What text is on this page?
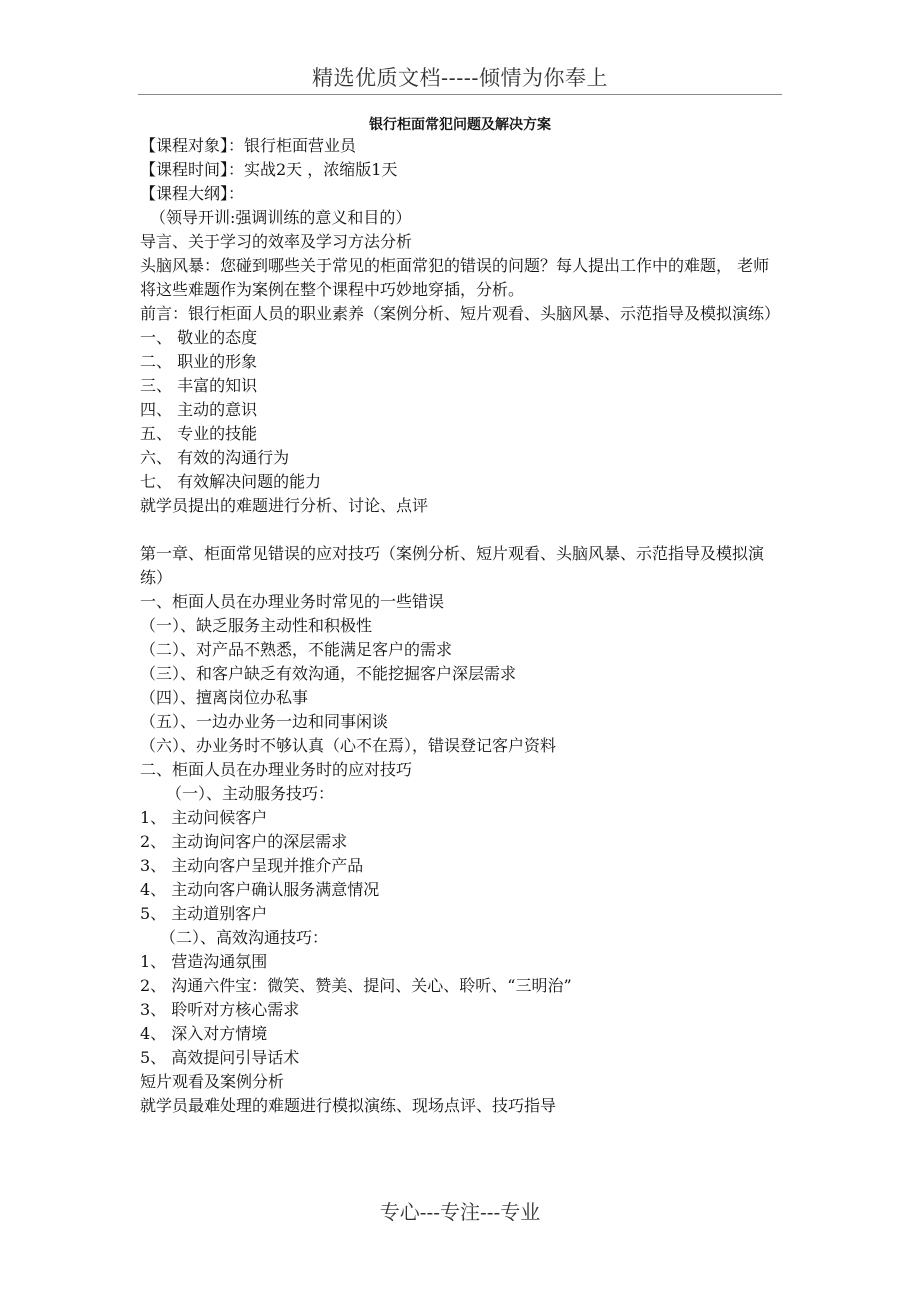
精选优质文档-----倾情为你奉上
银行柜面常犯问题及解决方案

【课程对象】：银行柜面营业员

【课程时间】：实战2天 ，浓缩版1天

【课程大纲】：

（领导开训:强调训练的意义和目的）

导言、关于学习的效率及学习方法分析

头脑风暴：您碰到哪些关于常见的柜面常犯的错误的问题？每人提出工作中的难题， 老师将这些难题作为案例在整个课程中巧妙地穿插，分析。

前言：银行柜面人员的职业素养（案例分析、短片观看、头脑风暴、示范指导及模拟演练）

一、 敬业的态度

二、 职业的形象

三、 丰富的知识

四、 主动的意识

五、 专业的技能

六、 有效的沟通行为

七、 有效解决问题的能力

就学员提出的难题进行分析、讨论、点评

第一章、柜面常见错误的应对技巧（案例分析、短片观看、头脑风暴、示范指导及模拟演练）

一、柜面人员在办理业务时常见的一些错误

（一）、缺乏服务主动性和积极性

（二）、对产品不熟悉，不能满足客户的需求

（三）、和客户缺乏有效沟通，不能挖掘客户深层需求

（四）、擅离岗位办私事

（五）、一边办业务一边和同事闲谈

（六）、办业务时不够认真（心不在焉），错误登记客户资料

二、柜面人员在办理业务时的应对技巧

（一）、主动服务技巧：

1、 主动问候客户

2、 主动询问客户的深层需求

3、 主动向客户呈现并推介产品

4、 主动向客户确认服务满意情况

5、 主动道别客户

（二）、高效沟通技巧：

1、 营造沟通氛围

2、 沟通六件宝：微笑、赞美、提问、关心、聆听、“三明治”

3、 聆听对方核心需求

4、 深入对方情境

5、 高效提问引导话术

短片观看及案例分析

就学员最难处理的难题进行模拟演练、现场点评、技巧指导

专心---专注---专业
